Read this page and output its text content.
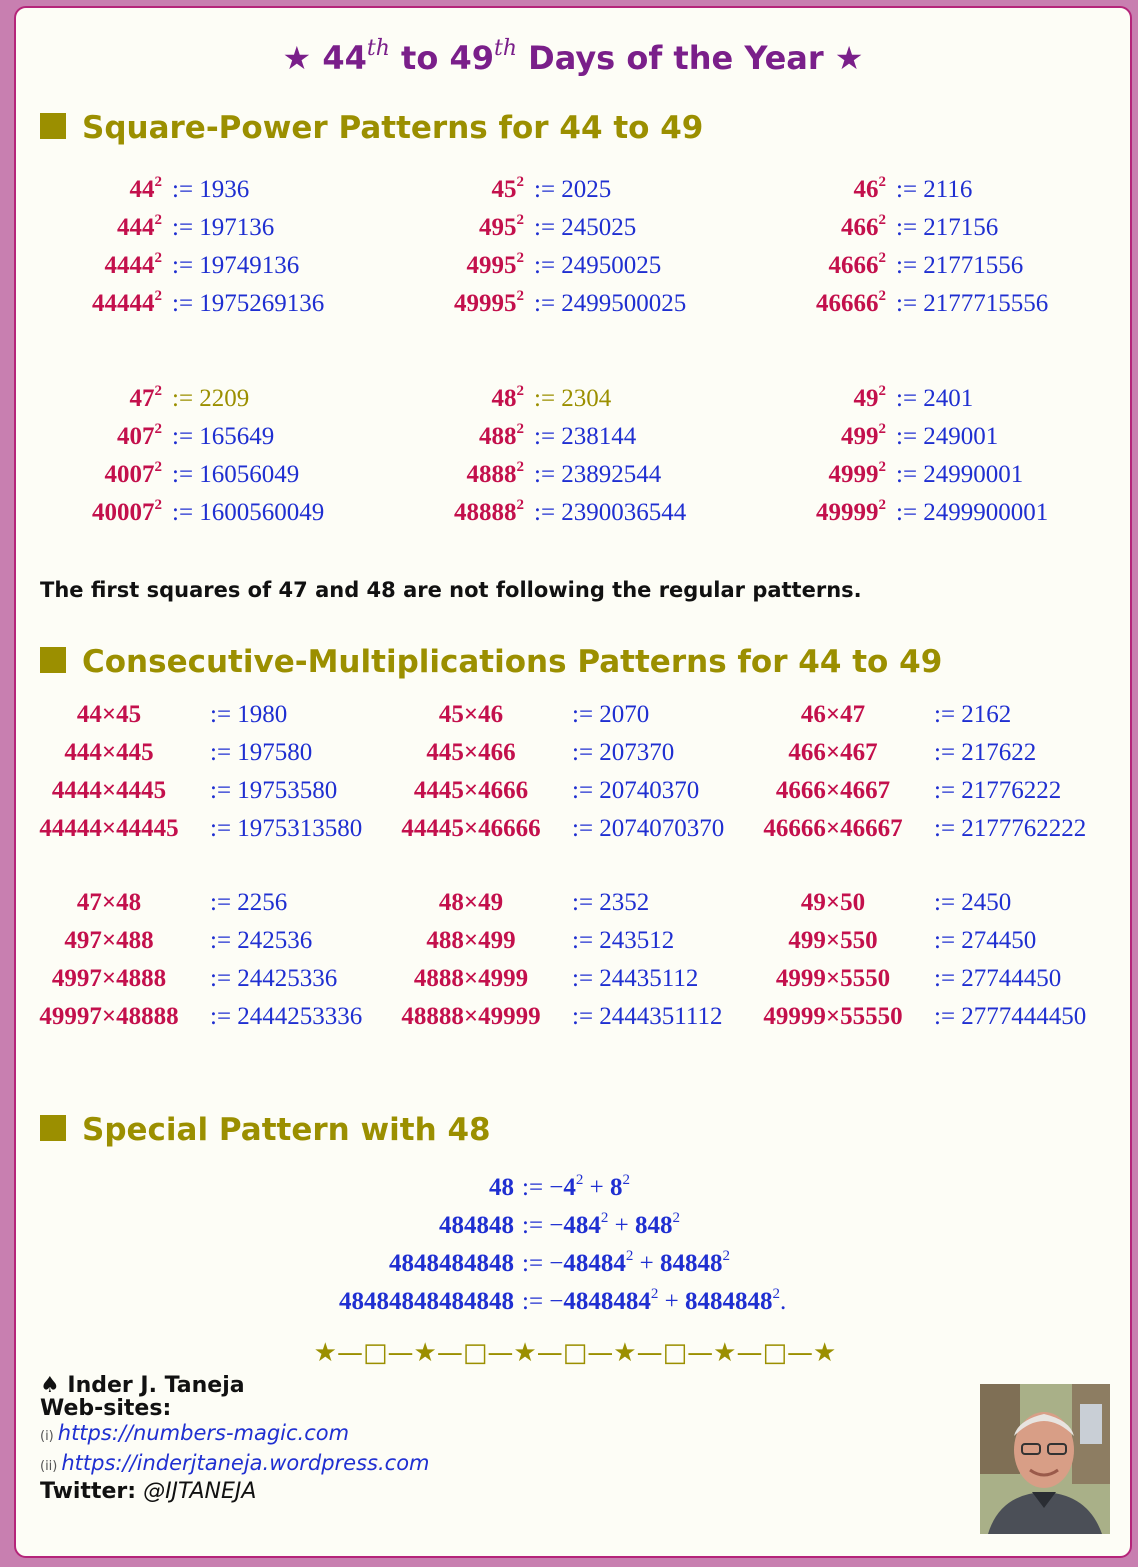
★ 44th to 49th Days of the Year ★
Square-Power Patterns for 44 to 49
$44^2$ := 1936
$444^2$ := 197136
4444$^2$ := 19749136
44444$^2$ := 1975269136
$45^2$ := 2025
$495^2$ := 245025
4995$^2$ := 24950025
49995$^2$ := 2499500025
$46^2$ := 2116
$466^2$ := 217156
4666$^2$ := 21771556
46666$^2$ := 2177715556
$47^2$ := 2209
$407^2$ := 165649
4007$^2$ := 16056049
40007$^2$ := 1600560049
$48^2$ := 2304
$488^2$ := 238144
4888$^2$ := 23892544
48888$^2$ := 2390036544
$49^2$ := 2401
$499^2$ := 249001
4999$^2$ := 24990001
49999$^2$ := 2499900001
The first squares of 47 and 48 are not following the regular patterns.
Consecutive-Multiplications Patterns for 44 to 49
44×45	:= 1980
444×445	:= 197580
4444×4445	:= 19753580
44444×44445	:= 1975313580
45×46	:= 2070
445×466	:= 207370
4445×4666	:= 20740370
44445×46666	:= 2074070370
46×47	:= 2162
466×467	:= 217622
4666×4667	:= 21776222
46666×46667	:= 2177762222
47×48	:= 2256
497×488	:= 242536
4997×4888	:= 24425336
49997×48888	:= 2444253336
48×49	:= 2352
488×499	:= 243512
4888×4999	:= 24435112
48888×49999	:= 2444351112
49×50	:= 2450
499×550	:= 274450
4999×5550	:= 27744450
49999×55550	:= 2777444450
Special Pattern with 48
48 := $-4^2 + 8^2$
484848 := $-484^2 + 848^2$
4848484848 := $-48484^2 + 84848^2$
48484848484848 := $-4848484^2 + 8484848^2$.
★—□—★—□—★—□—★—□—★—□—★
♠ Inder J. Taneja
Web-sites:
(i) https://numbers-magic.com
(ii) https://inderjtaneja.wordpress.com
Twitter: @IJTANEJA
